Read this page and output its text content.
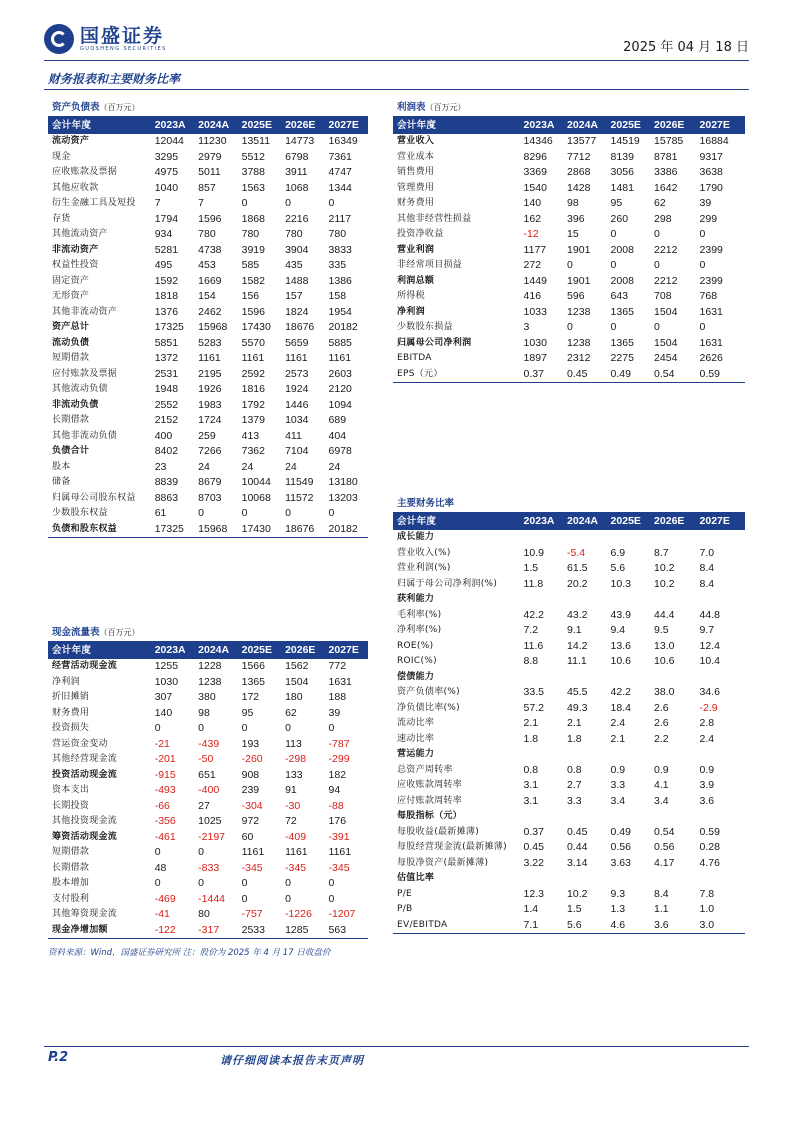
国盛证券
GUOSHENG SECURITIES	2025 年 04 月 18 日
财务报表和主要财务比率
资产负债表（百万元）
会计年度	2023A	2024A	2025E	2026E	2027E
流动资产	12044	11230	13511	14773	16349
现金	3295	2979	5512	6798	7361
应收账款及票据	4975	5011	3788	3911	4747
其他应收款	1040	857	1563	1068	1344
衍生金融工具及短投	7	7	0	0	0
存货	1794	1596	1868	2216	2117
其他流动资产	934	780	780	780	780
非流动资产	5281	4738	3919	3904	3833
权益性投资	495	453	585	435	335
固定资产	1592	1669	1582	1488	1386
无形资产	1818	154	156	157	158
其他非流动资产	1376	2462	1596	1824	1954
资产总计	17325	15968	17430	18676	20182
流动负债	5851	5283	5570	5659	5885
短期借款	1372	1161	1161	1161	1161
应付账款及票据	2531	2195	2592	2573	2603
其他流动负债	1948	1926	1816	1924	2120
非流动负债	2552	1983	1792	1446	1094
长期借款	2152	1724	1379	1034	689
其他非流动负债	400	259	413	411	404
负债合计	8402	7266	7362	7104	6978
股本	23	24	24	24	24
储备	8839	8679	10044	11549	13180
归属母公司股东权益	8863	8703	10068	11572	13203
少数股东权益	61	0	0	0	0
负债和股东权益	17325	15968	17430	18676	20182
利润表（百万元）
会计年度	2023A	2024A	2025E	2026E	2027E
营业收入	14346	13577	14519	15785	16884
营业成本	8296	7712	8139	8781	9317
销售费用	3369	2868	3056	3386	3638
管理费用	1540	1428	1481	1642	1790
财务费用	140	98	95	62	39
其他非经营性损益	162	396	260	298	299
投资净收益	-12	15	0	0	0
营业利润	1177	1901	2008	2212	2399
非经常项目损益	272	0	0	0	0
利润总额	1449	1901	2008	2212	2399
所得税	416	596	643	708	768
净利润	1033	1238	1365	1504	1631
少数股东损益	3	0	0	0	0
归属母公司净利润	1030	1238	1365	1504	1631
EBITDA	1897	2312	2275	2454	2626
EPS（元）	0.37	0.45	0.49	0.54	0.59
主要财务比率
会计年度	2023A	2024A	2025E	2026E	2027E
成长能力
营业收入(%)	10.9	-5.4	6.9	8.7	7.0
营业利润(%)	1.5	61.5	5.6	10.2	8.4
归属于母公司净利润(%)	11.8	20.2	10.3	10.2	8.4
获利能力
毛利率(%)	42.2	43.2	43.9	44.4	44.8
净利率(%)	7.2	9.1	9.4	9.5	9.7
ROE(%)	11.6	14.2	13.6	13.0	12.4
ROIC(%)	8.8	11.1	10.6	10.6	10.4
偿债能力
资产负债率(%)	33.5	45.5	42.2	38.0	34.6
净负债比率(%)	57.2	49.3	18.4	2.6	-2.9
流动比率	2.1	2.1	2.4	2.6	2.8
速动比率	1.8	1.8	2.1	2.2	2.4
营运能力
总资产周转率	0.8	0.8	0.9	0.9	0.9
应收账款周转率	3.1	2.7	3.3	4.1	3.9
应付账款周转率	3.1	3.3	3.4	3.4	3.6
每股指标（元）
每股收益(最新摊薄)	0.37	0.45	0.49	0.54	0.59
每股经营现金流(最新摊薄)	0.45	0.44	0.56	0.56	0.28
每股净资产(最新摊薄)	3.22	3.14	3.63	4.17	4.76
估值比率
P/E	12.3	10.2	9.3	8.4	7.8
P/B	1.4	1.5	1.3	1.1	1.0
EV/EBITDA	7.1	5.6	4.6	3.6	3.0
现金流量表（百万元）
会计年度	2023A	2024A	2025E	2026E	2027E
经营活动现金流	1255	1228	1566	1562	772
净利润	1030	1238	1365	1504	1631
折旧摊销	307	380	172	180	188
财务费用	140	98	95	62	39
投资损失	0	0	0	0	0
营运资金变动	-21	-439	193	113	-787
其他经营现金流	-201	-50	-260	-298	-299
投资活动现金流	-915	651	908	133	182
资本支出	-493	-400	239	91	94
长期投资	-66	27	-304	-30	-88
其他投资现金流	-356	1025	972	72	176
筹资活动现金流	-461	-2197	60	-409	-391
短期借款	0	0	1161	1161	1161
长期借款	48	-833	-345	-345	-345
股本增加	0	0	0	0	0
支付股利	-469	-1444	0	0	0
其他筹资现金流	-41	80	-757	-1226	-1207
现金净增加额	-122	-317	2533	1285	563
资料来源：Wind，国盛证券研究所 注：股价为 2025 年 4 月 17 日收盘价
P.2	请仔细阅读本报告末页声明
